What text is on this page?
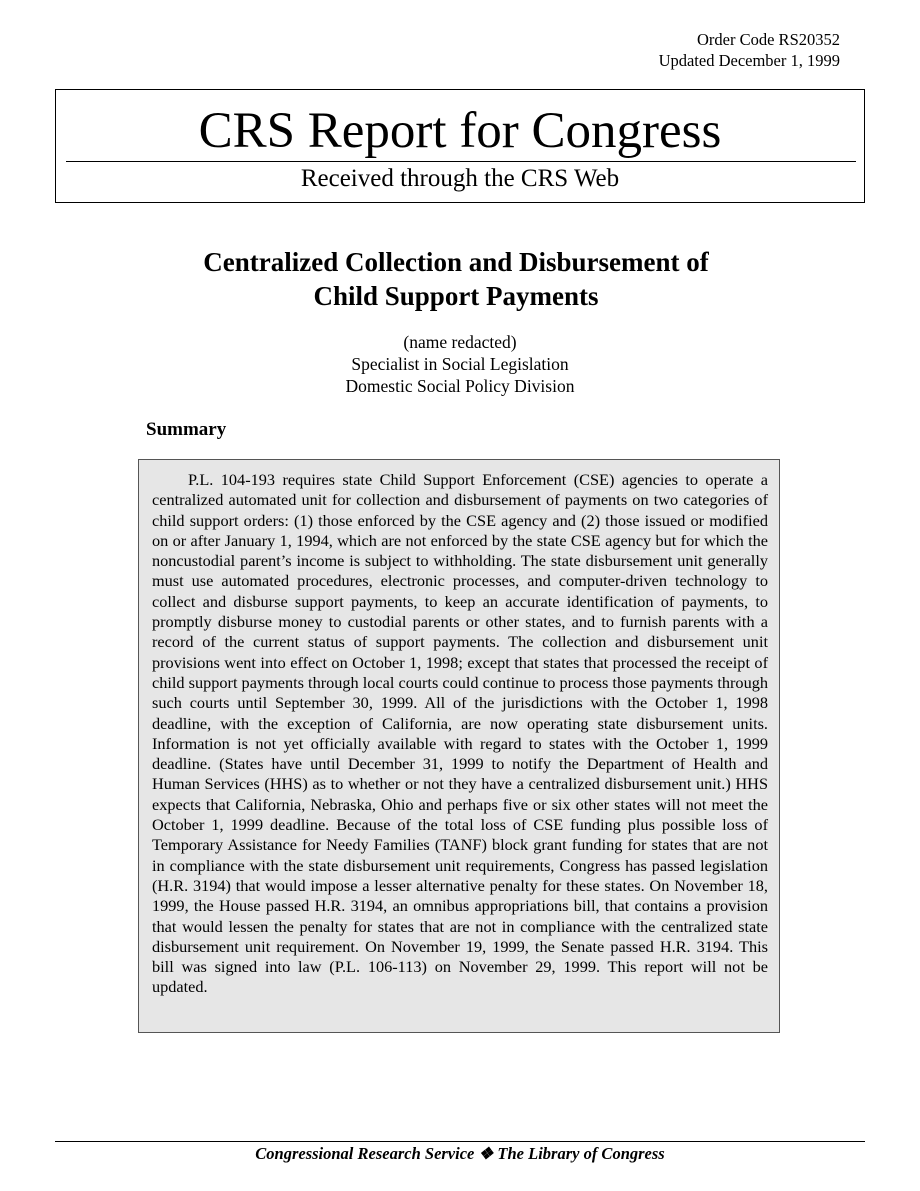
Order Code RS20352
Updated December 1, 1999
CRS Report for Congress
Received through the CRS Web
Centralized Collection and Disbursement of
Child Support Payments
(name redacted)
Specialist in Social Legislation
Domestic Social Policy Division
Summary

P.L. 104-193 requires state Child Support Enforcement (CSE) agencies to operate a centralized automated unit for collection and disbursement of payments on two categories of child support orders: (1) those enforced by the CSE agency and (2) those issued or modified on or after January 1, 1994, which are not enforced by the state CSE agency but for which the noncustodial parent’s income is subject to withholding. The state disbursement unit generally must use automated procedures, electronic processes, and computer-driven technology to collect and disburse support payments, to keep an accurate identification of payments, to promptly disburse money to custodial parents or other states, and to furnish parents with a record of the current status of support payments. The collection and disbursement unit provisions went into effect on October 1, 1998; except that states that processed the receipt of child support payments through local courts could continue to process those payments through such courts until September 30, 1999. All of the jurisdictions with the October 1, 1998 deadline, with the exception of California, are now operating state disbursement units. Information is not yet officially available with regard to states with the October 1, 1999 deadline. (States have until December 31, 1999 to notify the Department of Health and Human Services (HHS) as to whether or not they have a centralized disbursement unit.) HHS expects that California, Nebraska, Ohio and perhaps five or six other states will not meet the October 1, 1999 deadline. Because of the total loss of CSE funding plus possible loss of Temporary Assistance for Needy Families (TANF) block grant funding for states that are not in compliance with the state disbursement unit requirements, Congress has passed legislation (H.R. 3194) that would impose a lesser alternative penalty for these states. On November 18, 1999, the House passed H.R. 3194, an omnibus appropriations bill, that contains a provision that would lessen the penalty for states that are not in compliance with the centralized state disbursement unit requirement. On November 19, 1999, the Senate passed H.R. 3194. This bill was signed into law (P.L. 106-113) on November 29, 1999. This report will not be updated.

Congressional Research Service ❖ The Library of Congress
